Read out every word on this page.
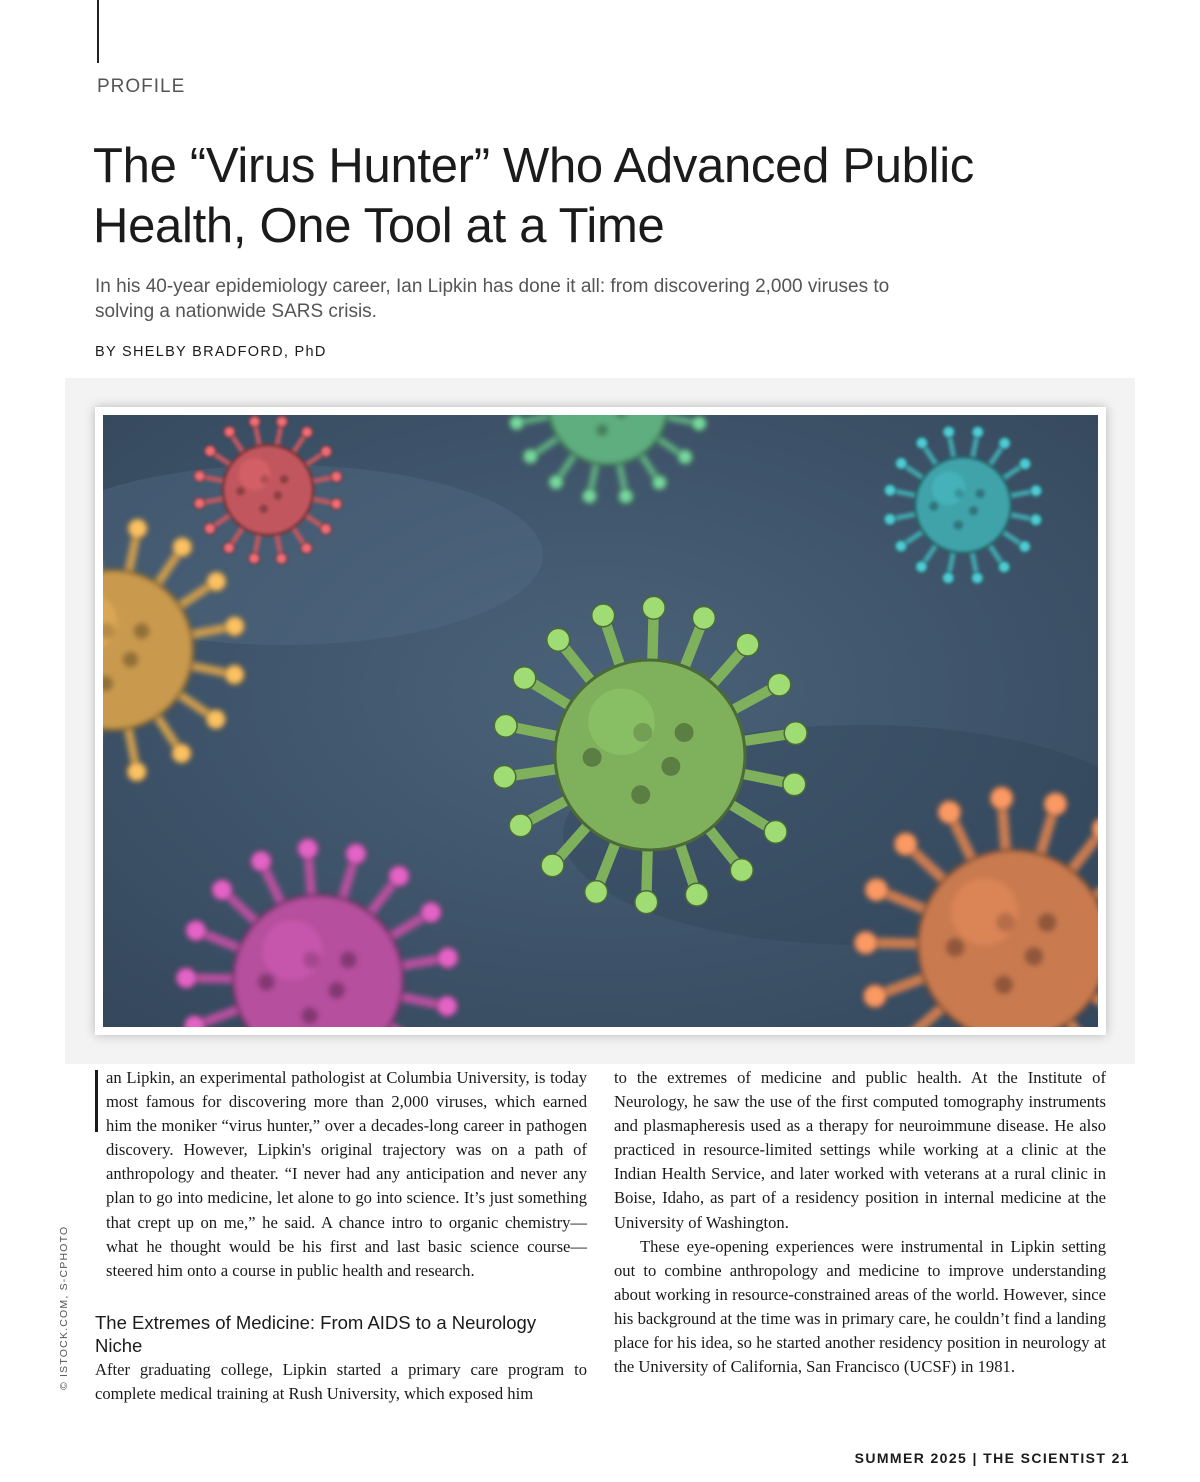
PROFILE
The “Virus Hunter” Who Advanced Public Health, One Tool at a Time

In his 40-year epidemiology career, Ian Lipkin has done it all: from discovering 2,000 viruses to solving a nationwide SARS crisis.

BY SHELBY BRADFORD, PhD
© ISTOCK.COM, S-CPHOTO

an Lipkin, an experimental pathologist at Columbia University, is today most famous for discovering more than 2,000 viruses, which earned him the moniker “virus hunter,” over a decades-long career in pathogen discovery. However, Lipkin's original trajectory was on a path of anthropology and theater. “I never had any anticipation and never any plan to go into medicine, let alone to go into science. It’s just something that crept up on me,” he said. A chance intro to organic chemistry—what he thought would be his first and last basic science course—steered him onto a course in public health and research.

The Extremes of Medicine: From AIDS to a Neurology Niche

After graduating college, Lipkin started a primary care program to complete medical training at Rush University, which exposed him

to the extremes of medicine and public health. At the Institute of Neurology, he saw the use of the first computed tomography instruments and plasmapheresis used as a therapy for neuroimmune disease. He also practiced in resource-limited settings while working at a clinic at the Indian Health Service, and later worked with veterans at a rural clinic in Boise, Idaho, as part of a residency position in internal medicine at the University of Washington.

These eye-opening experiences were instrumental in Lipkin setting out to combine anthropology and medicine to improve understanding about working in resource-constrained areas of the world. However, since his background at the time was in primary care, he couldn’t find a landing place for his idea, so he started another residency position in neurology at the University of California, San Francisco (UCSF) in 1981.

SUMMER 2025 | THE SCIENTIST 21
